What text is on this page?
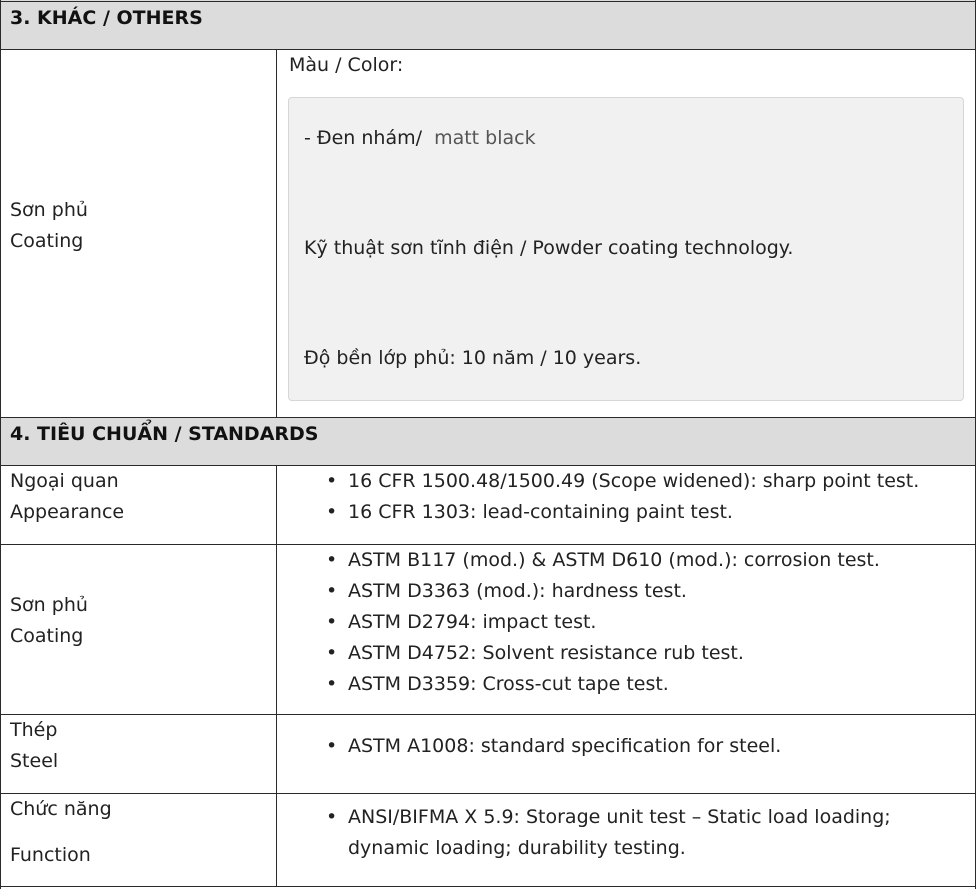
3. KHÁC / OTHERS
Sơn phủ
Coating
Màu / Color:
- Đen nhám/ matt black
Kỹ thuật sơn tĩnh điện / Powder coating technology.
Độ bền lớp phủ: 10 năm / 10 years.
4. TIÊU CHUẨN / STANDARDS
Ngoại quan
Appearance
• 16 CFR 1500.48/1500.49 (Scope widened): sharp point test.
• 16 CFR 1303: lead-containing paint test.
Sơn phủ
Coating
• ASTM B117 (mod.) & ASTM D610 (mod.): corrosion test.
• ASTM D3363 (mod.): hardness test.
• ASTM D2794: impact test.
• ASTM D4752: Solvent resistance rub test.
• ASTM D3359: Cross-cut tape test.
Thép
Steel
• ASTM A1008: standard specification for steel.
Chức năng
Function
• ANSI/BIFMA X 5.9: Storage unit test – Static load loading;
dynamic loading; durability testing.
